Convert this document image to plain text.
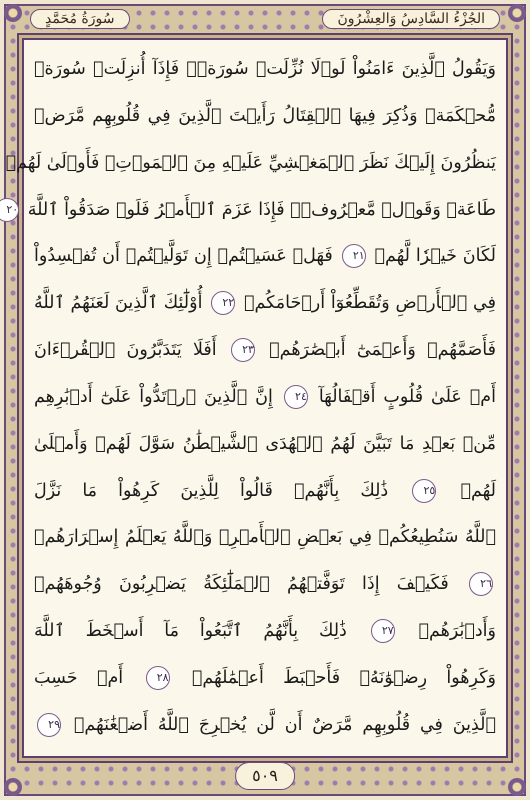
الجُزْءُ السَّادِسُ وَالعِشْرُونَ
سُورَةُ مُحَمَّدٍ
وَيَقُولُ ٱلَّذِينَ ءَامَنُواْ لَوۡلَا نُزِّلَتۡ سُورَةٞۖ فَإِذَآ أُنزِلَتۡ سُورَةٞ
مُّحۡكَمَةٞ وَذُكِرَ فِيهَا ٱلۡقِتَالُ رَأَيۡتَ ٱلَّذِينَ فِي قُلُوبِهِم مَّرَضٞ
يَنظُرُونَ إِلَيۡكَ نَظَرَ ٱلۡمَغۡشِيِّ عَلَيۡهِ مِنَ ٱلۡمَوۡتِۖ فَأَوۡلَىٰ لَهُمۡ
طَاعَةٞ وَقَوۡلٞ مَّعۡرُوفٞۚ فَإِذَا عَزَمَ ٱلۡأَمۡرُ فَلَوۡ صَدَقُواْ ٱللَّهَ ٢٠
لَكَانَ خَيۡرٗا لَّهُمۡ ٢١ فَهَلۡ عَسَيۡتُمۡ إِن تَوَلَّيۡتُمۡ أَن تُفۡسِدُواْ
فِي ٱلۡأَرۡضِ وَتُقَطِّعُوٓاْ أَرۡحَامَكُمۡ ٢٢ أُوْلَٰٓئِكَ ٱلَّذِينَ لَعَنَهُمُ ٱللَّهُ
فَأَصَمَّهُمۡ وَأَعۡمَىٰٓ أَبۡصَٰرَهُمۡ ٢٣ أَفَلَا يَتَدَبَّرُونَ ٱلۡقُرۡءَانَ
أَمۡ عَلَىٰ قُلُوبٍ أَقۡفَالُهَآ ٢٤ إِنَّ ٱلَّذِينَ ٱرۡتَدُّواْ عَلَىٰٓ أَدۡبَٰرِهِم
مِّنۢ بَعۡدِ مَا تَبَيَّنَ لَهُمُ ٱلۡهُدَى ٱلشَّيۡطَٰنُ سَوَّلَ لَهُمۡ وَأَمۡلَىٰ
لَهُمۡ ٢٥ ذَٰلِكَ بِأَنَّهُمۡ قَالُواْ لِلَّذِينَ كَرِهُواْ مَا نَزَّلَ
ٱللَّهُ سَنُطِيعُكُمۡ فِي بَعۡضِ ٱلۡأَمۡرِۖ وَٱللَّهُ يَعۡلَمُ إِسۡرَارَهُمۡ
٢٦ فَكَيۡفَ إِذَا تَوَفَّتۡهُمُ ٱلۡمَلَٰٓئِكَةُ يَضۡرِبُونَ وُجُوهَهُمۡ
وَأَدۡبَٰرَهُمۡ ٢٧ ذَٰلِكَ بِأَنَّهُمُ ٱتَّبَعُواْ مَآ أَسۡخَطَ ٱللَّهَ
وَكَرِهُواْ رِضۡوَٰنَهُۥ فَأَحۡبَطَ أَعۡمَٰلَهُمۡ ٢٨ أَمۡ حَسِبَ
ٱلَّذِينَ فِي قُلُوبِهِم مَّرَضٌ أَن لَّن يُخۡرِجَ ٱللَّهُ أَضۡغَٰنَهُمۡ ٢٩
٥٠٩
